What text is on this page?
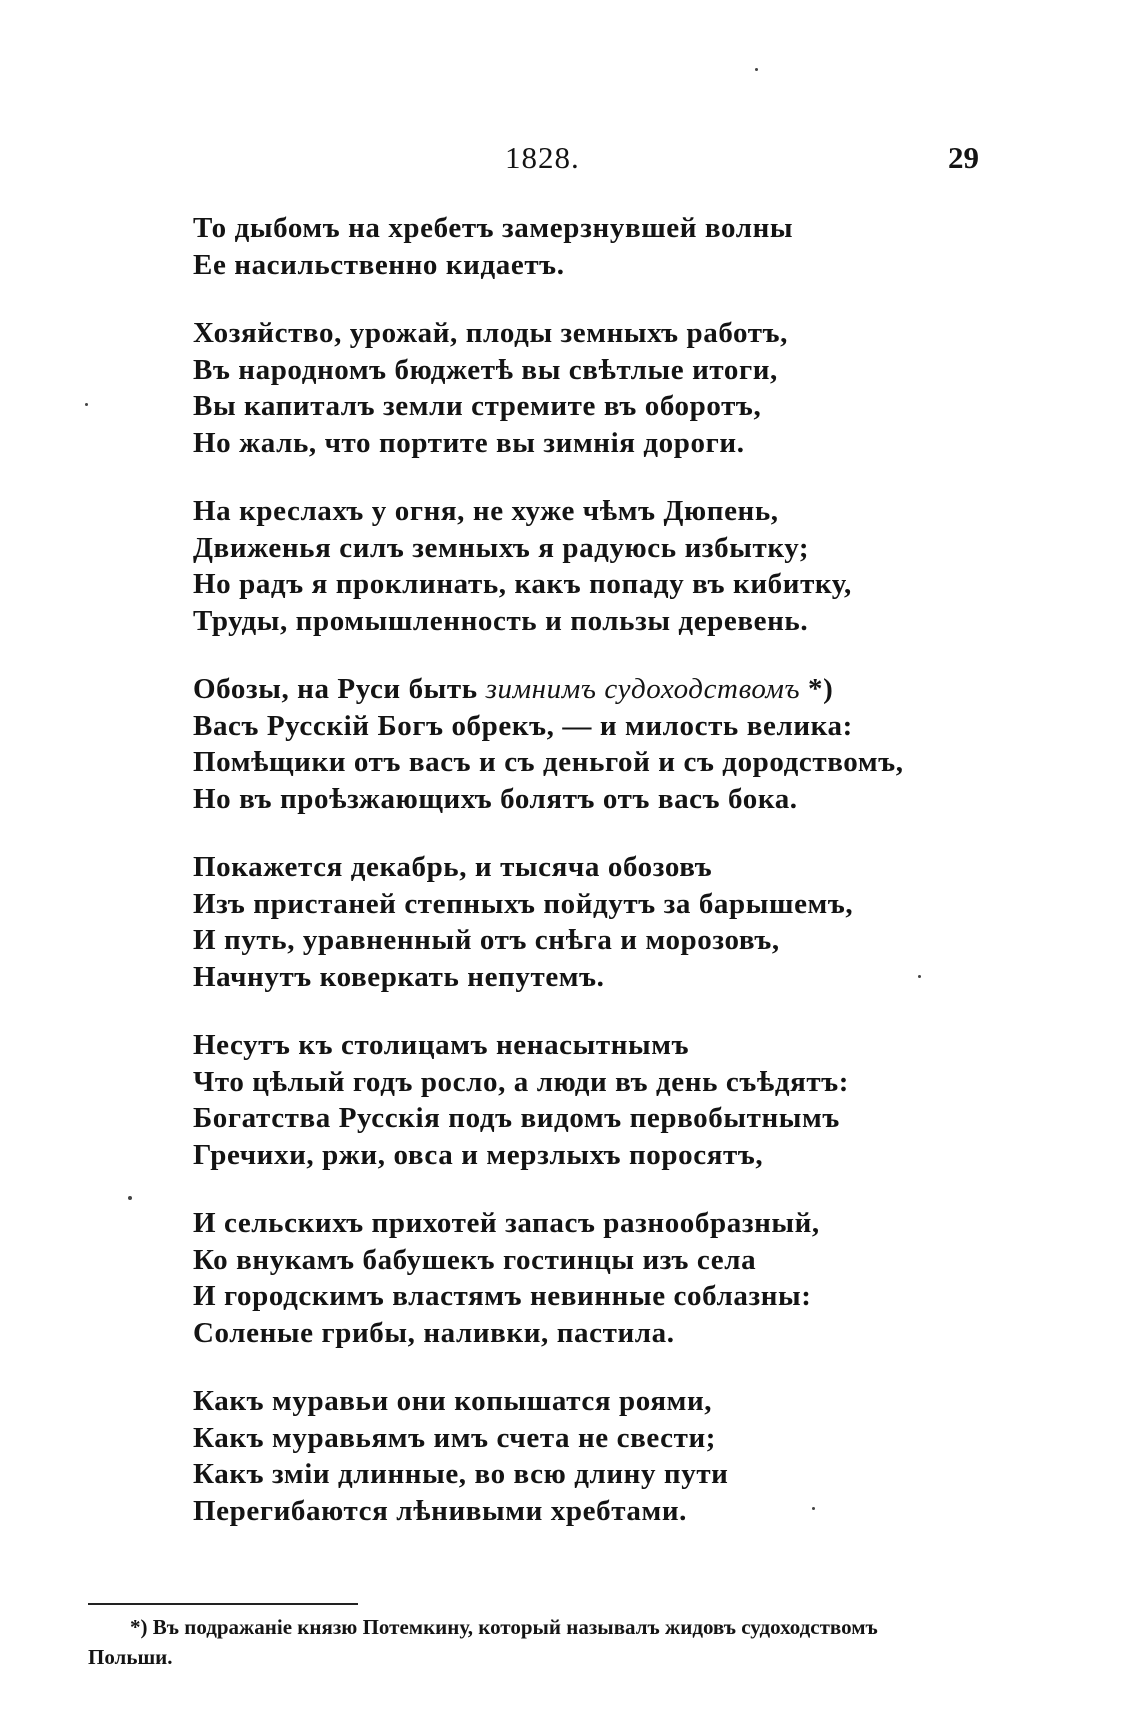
1828.	29
То дыбомъ на хребетъ замерзнувшей волны
Ее насильственно кидаетъ.
Хозяйство, урожай, плоды земныхъ работъ,
Въ народномъ бюджетѣ вы свѣтлые итоги,
Вы капиталъ земли стремите въ оборотъ,
Но жаль, что портите вы зимнія дороги.
На креслахъ у огня, не хуже чѣмъ Дюпень,
Движенья силъ земныхъ я радуюсь избытку;
Но радъ я проклинать, какъ попаду въ кибитку,
Труды, промышленность и пользы деревень.
Обозы, на Руси быть зимнимъ судоходствомъ *)
Васъ Русскій Богъ обрекъ, — и милость велика:
Помѣщики отъ васъ и съ деньгой и съ дородствомъ,
Но въ проѣзжающихъ болятъ отъ васъ бока.
Покажется декабрь, и тысяча обозовъ
Изъ пристаней степныхъ пойдутъ за барышемъ,
И путь, уравненный отъ снѣга и морозовъ,
Начнутъ коверкать непутемъ.
Несутъ къ столицамъ ненасытнымъ
Что цѣлый годъ росло, а люди въ день съѣдятъ:
Богатства Русскія подъ видомъ первобытнымъ
Гречихи, ржи, овса и мерзлыхъ поросятъ,
И сельскихъ прихотей запасъ разнообразный,
Ко внукамъ бабушекъ гостинцы изъ села
И городскимъ властямъ невинные соблазны:
Соленые грибы, наливки, пастила.
Какъ муравьи они копышатся роями,
Какъ муравьямъ имъ счета не свести;
Какъ зміи длинные, во всю длину пути
Перегибаются лѣнивыми хребтами.
*) Въ подражаніе князю Потемкину, который называлъ жидовъ судоходствомъ
Польши.
